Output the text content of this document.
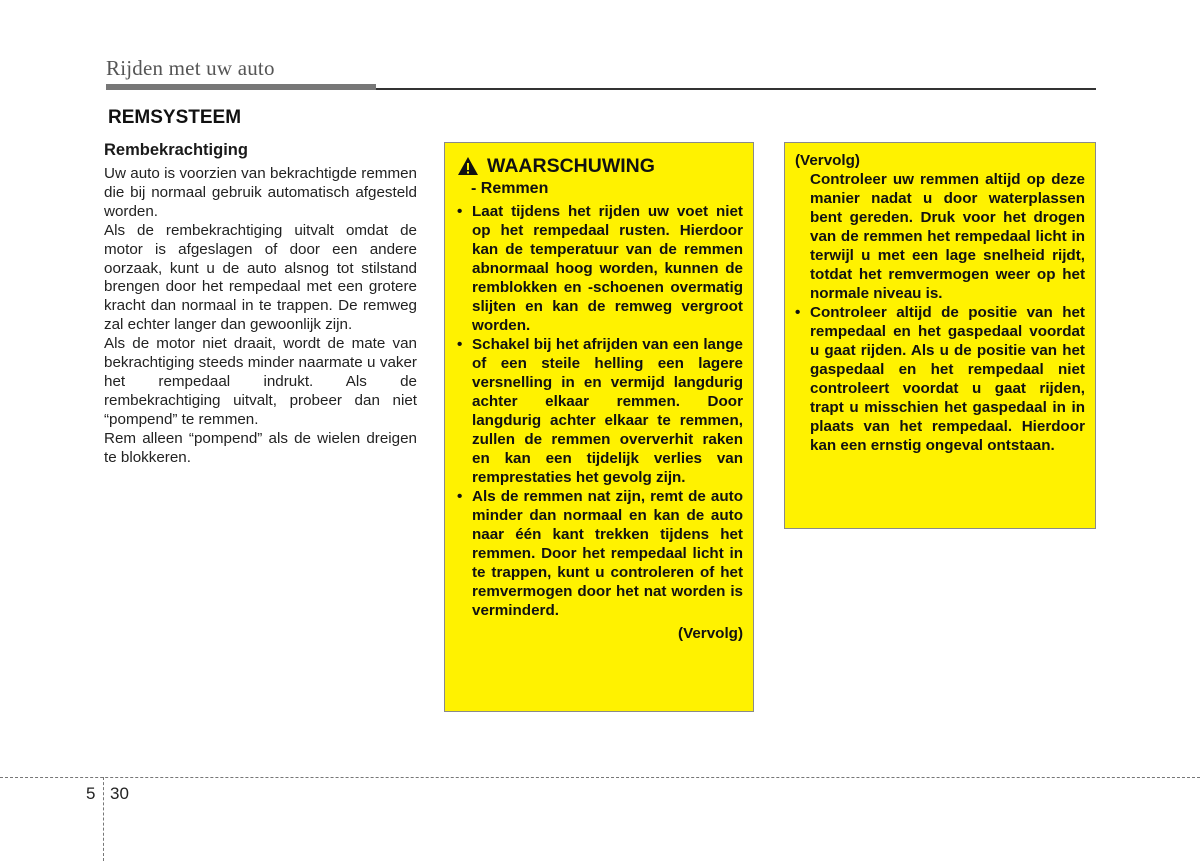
Rijden met uw auto
REMSYSTEEM
Rembekrachtiging

Uw auto is voorzien van bekrachtigde remmen die bij normaal gebruik automatisch afgesteld worden.

Als de rembekrachtiging uitvalt omdat de motor is afgeslagen of door een andere oorzaak, kunt u de auto alsnog tot stilstand brengen door het rempedaal met een grotere kracht dan normaal in te trappen. De remweg zal echter langer dan gewoonlijk zijn.

Als de motor niet draait, wordt de mate van bekrachtiging steeds minder naarmate u vaker het rempedaal indrukt. Als de rembekrachtiging uitvalt, probeer dan niet “pompend” te remmen.

Rem alleen “pompend” als de wielen dreigen te blokkeren.

WAARSCHUWING
- Remmen
• Laat tijdens het rijden uw voet niet op het rempedaal rusten. Hierdoor kan de temperatuur van de remmen abnormaal hoog worden, kunnen de remblokken en -schoenen overmatig slijten en kan de remweg vergroot worden.
• Schakel bij het afrijden van een lange of een steile helling een lagere versnelling in en vermijd langdurig achter elkaar remmen. Door langdurig achter elkaar te remmen, zullen de remmen oververhit raken en kan een tijdelijk verlies van remprestaties het gevolg zijn.
• Als de remmen nat zijn, remt de auto minder dan normaal en kan de auto naar één kant trekken tijdens het remmen. Door het rempedaal licht in te trappen, kunt u controleren of het remvermogen door het nat worden is verminderd.
(Vervolg)
(Vervolg)
Controleer uw remmen altijd op deze manier nadat u door waterplassen bent gereden. Druk voor het drogen van de remmen het rempedaal licht in terwijl u met een lage snelheid rijdt, totdat het remvermogen weer op het normale niveau is.
• Controleer altijd de positie van het rempedaal en het gaspedaal voordat u gaat rijden. Als u de positie van het gaspedaal en het rempedaal niet controleert voordat u gaat rijden, trapt u misschien het gaspedaal in in plaats van het rempedaal. Hierdoor kan een ernstig ongeval ontstaan.
5 30
